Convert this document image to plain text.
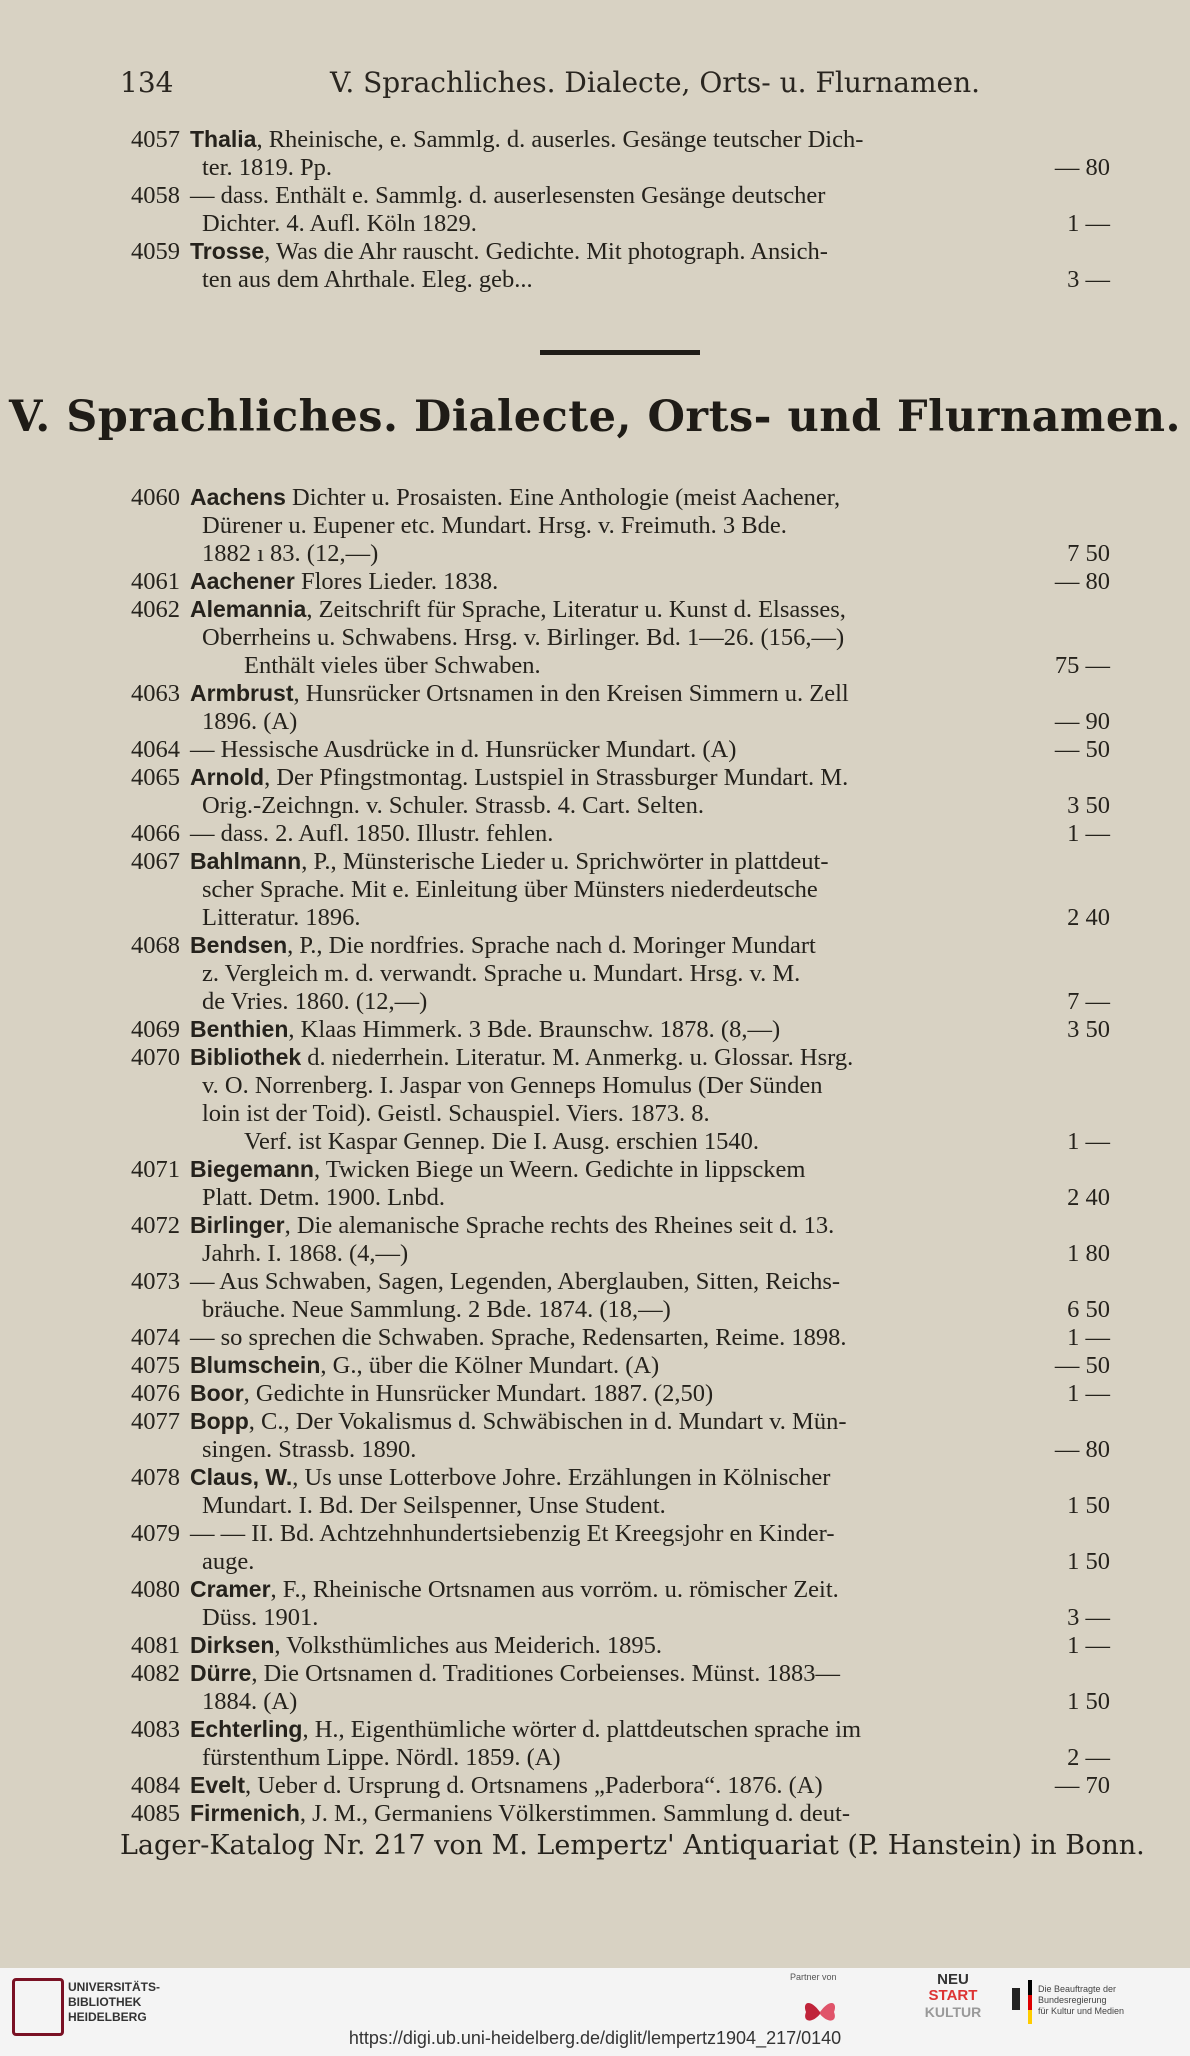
134	V. Sprachliches. Dialecte, Orts- u. Flurnamen.
4057 Thalia, Rheinische, e. Sammlg. d. auserles. Gesänge teutscher Dich-
ter. 1819. Pp.	— 80
4058 — dass. Enthält e. Sammlg. d. auserlesensten Gesänge deutscher
Dichter. 4. Aufl. Köln 1829.	1 —
4059 Trosse, Was die Ahr rauscht. Gedichte. Mit photograph. Ansich-
ten aus dem Ahrthale. Eleg. geb...	3 —
V. Sprachliches. Dialecte, Orts- und Flurnamen.
4060 Aachens Dichter u. Prosaisten. Eine Anthologie (meist Aachener,
Dürener u. Eupener etc. Mundart. Hrsg. v. Freimuth. 3 Bde.
1882 ı 83. (12,—)	7 50
4061 Aachener Flores Lieder. 1838.	— 80
4062 Alemannia, Zeitschrift für Sprache, Literatur u. Kunst d. Elsasses,
Oberrheins u. Schwabens. Hrsg. v. Birlinger. Bd. 1—26. (156,—)
Enthält vieles über Schwaben.	75 —
4063 Armbrust, Hunsrücker Ortsnamen in den Kreisen Simmern u. Zell
1896. (A)	— 90
4064 — Hessische Ausdrücke in d. Hunsrücker Mundart. (A)	— 50
4065 Arnold, Der Pfingstmontag. Lustspiel in Strassburger Mundart. M.
Orig.-Zeichngn. v. Schuler. Strassb. 4. Cart. Selten.	3 50
4066 — dass. 2. Aufl. 1850. Illustr. fehlen.	1 —
4067 Bahlmann, P., Münsterische Lieder u. Sprichwörter in plattdeut-
scher Sprache. Mit e. Einleitung über Münsters niederdeutsche
Litteratur. 1896.	2 40
4068 Bendsen, P., Die nordfries. Sprache nach d. Moringer Mundart
z. Vergleich m. d. verwandt. Sprache u. Mundart. Hrsg. v. M.
de Vries. 1860. (12,—)	7 —
4069 Benthien, Klaas Himmerk. 3 Bde. Braunschw. 1878. (8,—)	3 50
4070 Bibliothek d. niederrhein. Literatur. M. Anmerkg. u. Glossar. Hsrg.
v. O. Norrenberg. I. Jaspar von Genneps Homulus (Der Sünden
loin ist der Toid). Geistl. Schauspiel. Viers. 1873. 8.
Verf. ist Kaspar Gennep. Die I. Ausg. erschien 1540.	1 —
4071 Biegemann, Twicken Biege un Weern. Gedichte in lippsckem
Platt. Detm. 1900. Lnbd.	2 40
4072 Birlinger, Die alemanische Sprache rechts des Rheines seit d. 13.
Jahrh. I. 1868. (4,—)	1 80
4073 — Aus Schwaben, Sagen, Legenden, Aberglauben, Sitten, Reichs-
bräuche. Neue Sammlung. 2 Bde. 1874. (18,—)	6 50
4074 — so sprechen die Schwaben. Sprache, Redensarten, Reime. 1898.	1 —
4075 Blumschein, G., über die Kölner Mundart. (A)	— 50
4076 Boor, Gedichte in Hunsrücker Mundart. 1887. (2,50)	1 —
4077 Bopp, C., Der Vokalismus d. Schwäbischen in d. Mundart v. Mün-
singen. Strassb. 1890.	— 80
4078 Claus, W., Us unse Lotterbove Johre. Erzählungen in Kölnischer
Mundart. I. Bd. Der Seilspenner, Unse Student.	1 50
4079 — — II. Bd. Achtzehnhundertsiebenzig Et Kreegsjohr en Kinder-
auge.	1 50
4080 Cramer, F., Rheinische Ortsnamen aus vorröm. u. römischer Zeit.
Düss. 1901.	3 —
4081 Dirksen, Volksthümliches aus Meiderich. 1895.	1 —
4082 Dürre, Die Ortsnamen d. Traditiones Corbeienses. Münst. 1883—
1884. (A)	1 50
4083 Echterling, H., Eigenthümliche wörter d. plattdeutschen sprache im
fürstenthum Lippe. Nördl. 1859. (A)	2 —
4084 Evelt, Ueber d. Ursprung d. Ortsnamens „Paderbora“. 1876. (A)	— 70
4085 Firmenich, J. M., Germaniens Völkerstimmen. Sammlung d. deut-
Lager-Katalog Nr. 217 von M. Lempertz' Antiquariat (P. Hanstein) in Bonn.
UNIVERSITÄTS-
BIBLIOTHEK
HEIDELBERG
Partner von	NEU
START
KULTUR
Die Beauftragte der Bundesregierung
für Kultur und Medien
https://digi.ub.uni-heidelberg.de/diglit/lempertz1904_217/0140
